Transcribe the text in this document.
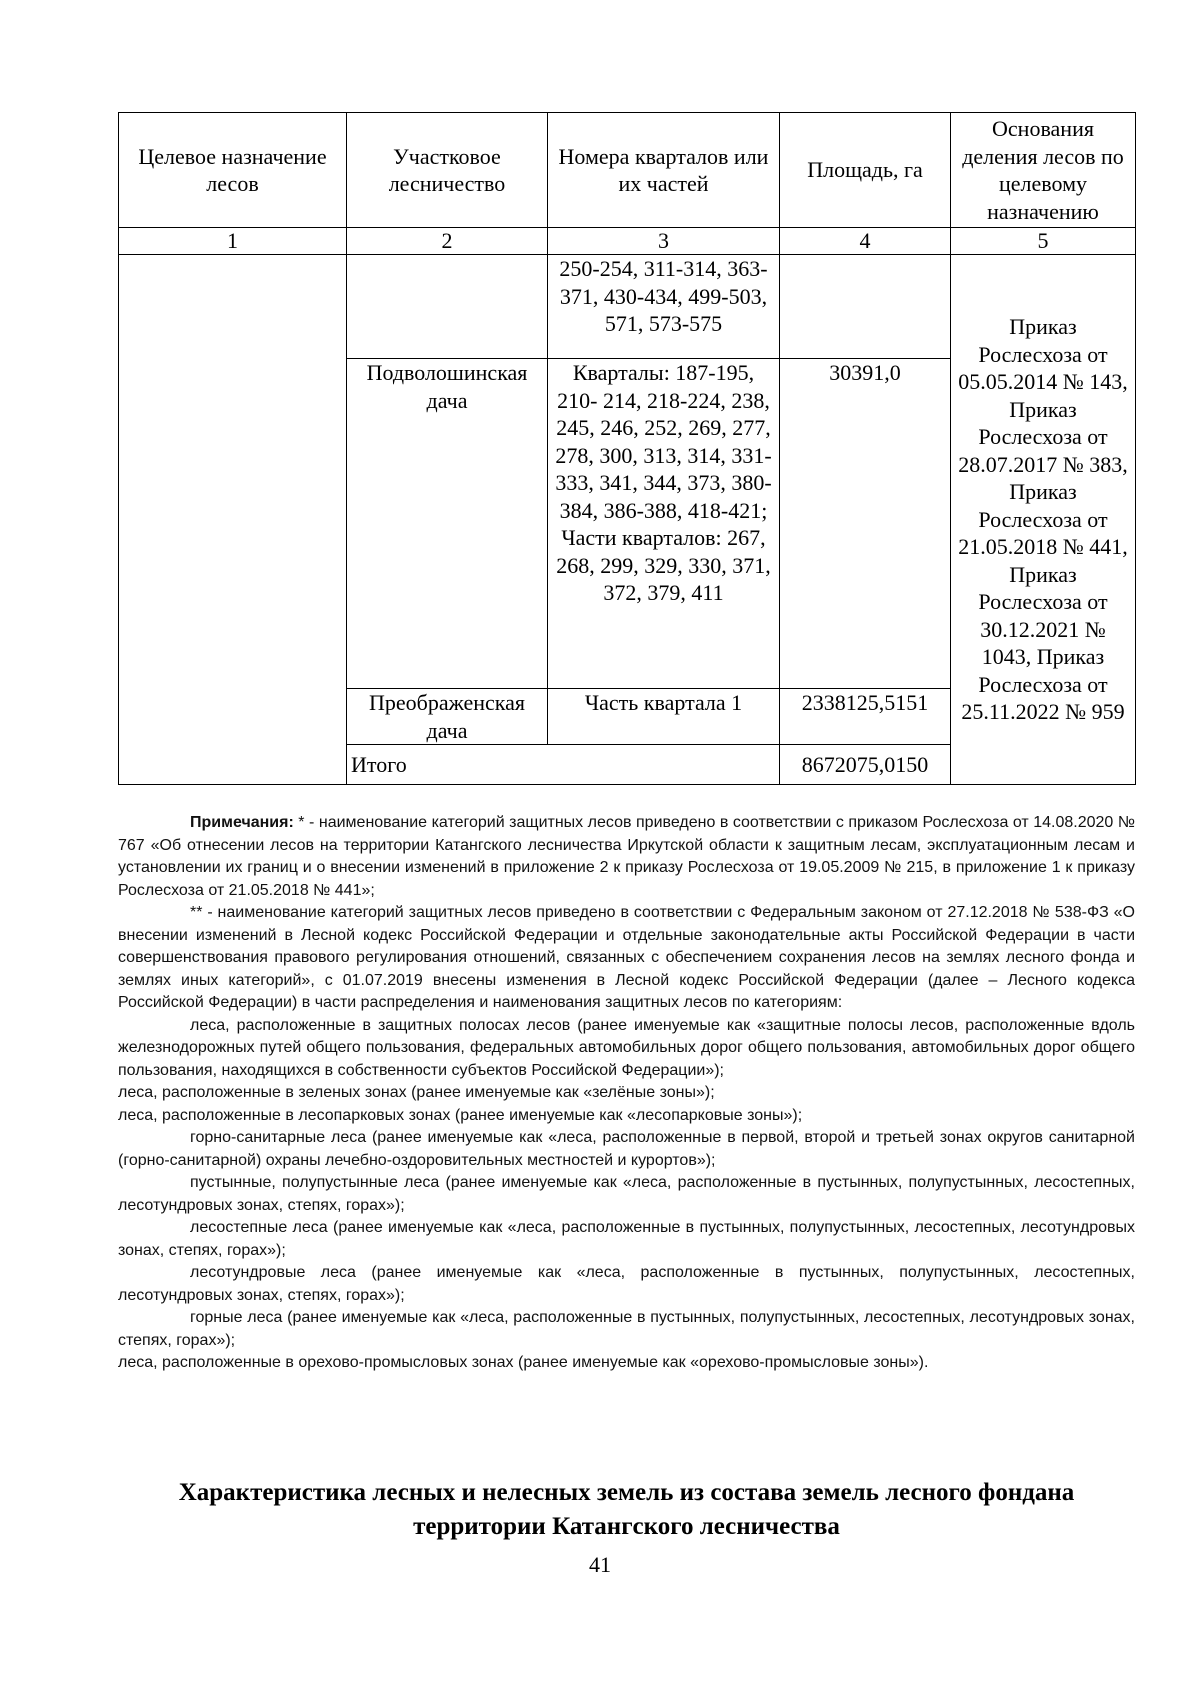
Целевое назначение лесов	Участковое лесничество	Номера кварталов или их частей	Площадь, га	Основания деления лесов по целевому назначению
1	2	3	4	5
		250-254, 311-314, 363-371, 430-434, 499-503, 571, 573-575		Приказ Рослесхоза от 05.05.2014 № 143, Приказ Рослесхоза от 28.07.2017 № 383, Приказ Рослесхоза от 21.05.2018 № 441, Приказ Рослесхоза от 30.12.2021 № 1043, Приказ Рослесхоза от 25.11.2022 № 959
	Подволошинская дача	Кварталы: 187-195, 210- 214, 218-224, 238, 245, 246, 252, 269, 277, 278, 300, 313, 314, 331-333, 341, 344, 373, 380-384, 386-388, 418-421; Части кварталов: 267, 268, 299, 329, 330, 371, 372, 379, 411	30391,0	
	Преображенская дача	Часть квартала 1	2338125,5151	
	Итого		8672075,0150	

Примечания: * - наименование категорий защитных лесов приведено в соответствии с приказом Рослесхоза от 14.08.2020 № 767 «Об отнесении лесов на территории Катангского лесничества Иркутской области к защитным лесам, эксплуатационным лесам и установлении их границ и о внесении изменений в приложение 2 к приказу Рослесхоза от 19.05.2009 № 215, в приложение 1 к приказу Рослесхоза от 21.05.2018 № 441»;

** - наименование категорий защитных лесов приведено в соответствии с Федеральным законом от 27.12.2018 № 538-ФЗ «О внесении изменений в Лесной кодекс Российской Федерации и отдельные законодательные акты Российской Федерации в части совершенствования правового регулирования отношений, связанных с обеспечением сохранения лесов на землях лесного фонда и землях иных категорий», с 01.07.2019 внесены изменения в Лесной кодекс Российской Федерации (далее – Лесного кодекса Российской Федерации) в части распределения и наименования защитных лесов по категориям:

леса, расположенные в защитных полосах лесов (ранее именуемые как «защитные полосы лесов, расположенные вдоль железнодорожных путей общего пользования, федеральных автомобильных дорог общего пользования, автомобильных дорог общего пользования, находящихся в собственности субъектов Российской Федерации»);

леса, расположенные в зеленых зонах (ранее именуемые как «зелёные зоны»);

леса, расположенные в лесопарковых зонах (ранее именуемые как «лесопарковые зоны»);

горно-санитарные леса (ранее именуемые как «леса, расположенные в первой, второй и третьей зонах округов санитарной (горно-санитарной) охраны лечебно-оздоровительных местностей и курортов»);

пустынные, полупустынные леса (ранее именуемые как «леса, расположенные в пустынных, полупустынных, лесостепных, лесотундровых зонах, степях, горах»);

лесостепные леса (ранее именуемые как «леса, расположенные в пустынных, полупустынных, лесостепных, лесотундровых зонах, степях, горах»);

лесотундровые леса (ранее именуемые как «леса, расположенные в пустынных, полупустынных, лесостепных, лесотундровых зонах, степях, горах»);

горные леса (ранее именуемые как «леса, расположенные в пустынных, полупустынных, лесостепных, лесотундровых зонах, степях, горах»);

леса, расположенные в орехово-промысловых зонах (ранее именуемые как «орехово-промысловые зоны»).

Характеристика лесных и нелесных земель из состава земель лесного фондана территории Катангского лесничества
41
